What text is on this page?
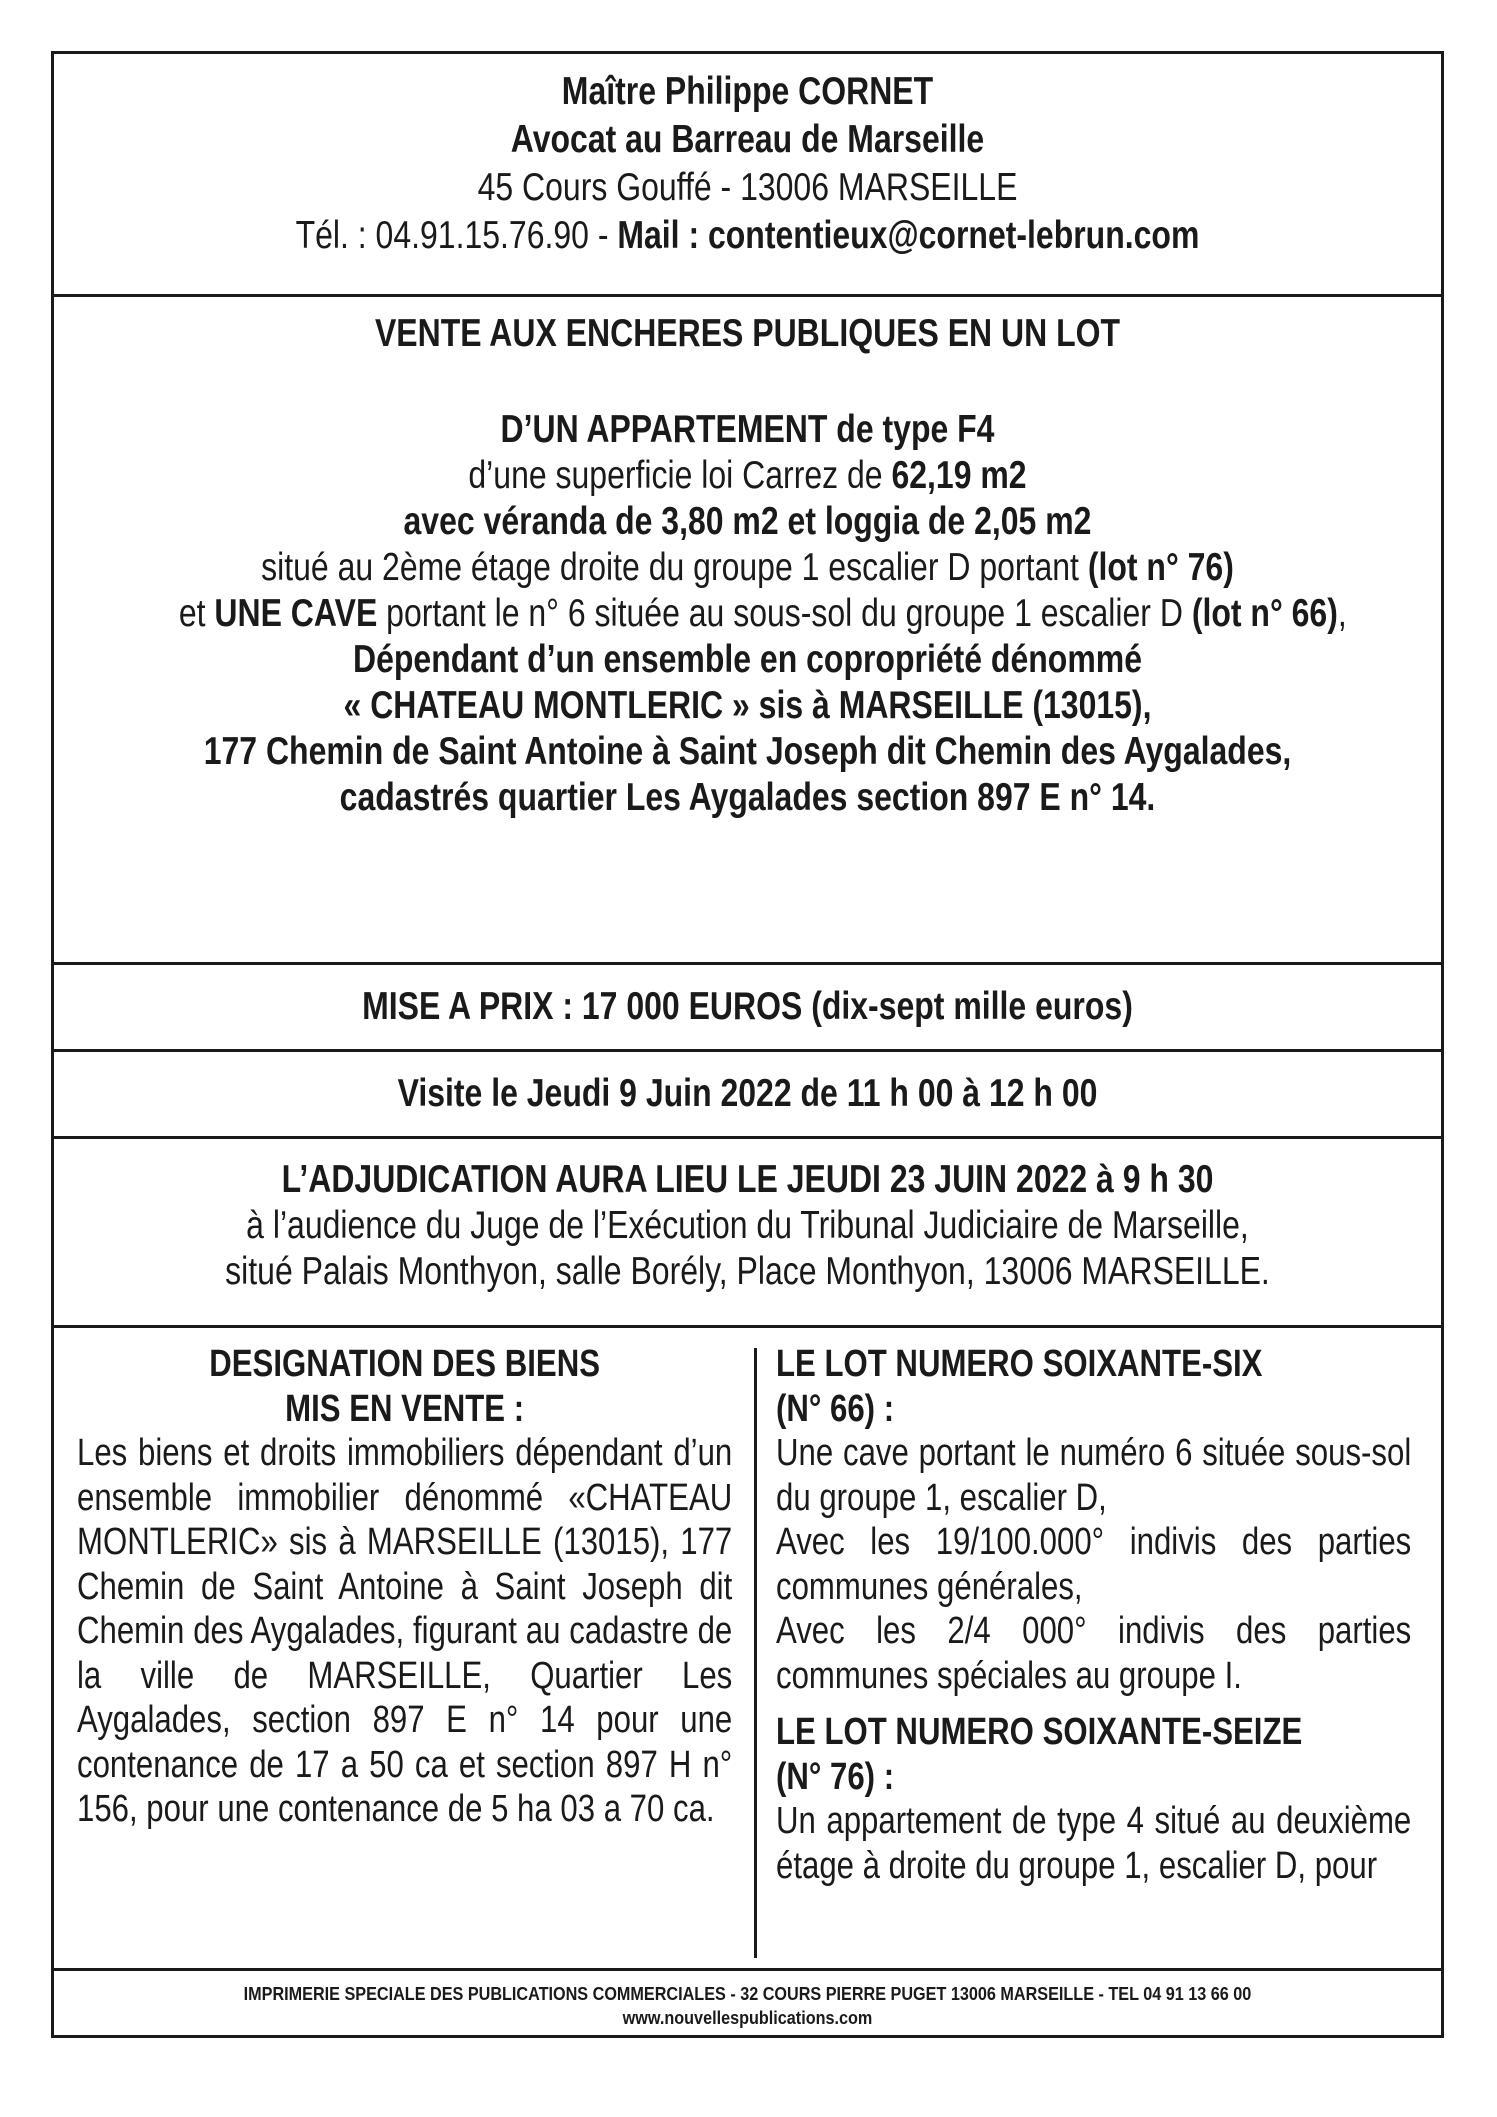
Maître Philippe CORNET
Avocat au Barreau de Marseille
45 Cours Gouffé - 13006 MARSEILLE
Tél. : 04.91.15.76.90 - Mail : contentieux@cornet-lebrun.com
VENTE AUX ENCHERES PUBLIQUES EN UN LOT
D’UN APPARTEMENT de type F4
d’une superficie loi Carrez de 62,19 m2
avec véranda de 3,80 m2 et loggia de 2,05 m2
situé au 2ème étage droite du groupe 1 escalier D portant (lot n° 76)
et UNE CAVE portant le n° 6 située au sous-sol du groupe 1 escalier D (lot n° 66),
Dépendant d’un ensemble en copropriété dénommé
« CHATEAU MONTLERIC » sis à MARSEILLE (13015),
177 Chemin de Saint Antoine à Saint Joseph dit Chemin des Aygalades,
cadastrés quartier Les Aygalades section 897 E n° 14.
MISE A PRIX : 17 000 EUROS (dix-sept mille euros)
Visite le Jeudi 9 Juin 2022 de 11 h 00 à 12 h 00
L’ADJUDICATION AURA LIEU LE JEUDI 23 JUIN 2022 à 9 h 30
à l’audience du Juge de l’Exécution du Tribunal Judiciaire de Marseille,
situé Palais Monthyon, salle Borély, Place Monthyon, 13006 MARSEILLE.
DESIGNATION DES BIENS
MIS EN VENTE :
Les biens et droits immobiliers dépendant d’un ensemble immobilier dénommé «CHATEAU MONTLERIC» sis à MARSEILLE (13015), 177 Chemin de Saint Antoine à Saint Joseph dit Chemin des Aygalades, figurant au cadastre de la ville de MARSEILLE, Quartier Les Aygalades, section 897 E n° 14 pour une contenance de 17 a 50 ca et section 897 H n° 156, pour une contenance de 5 ha 03 a 70 ca.
LE LOT NUMERO SOIXANTE-SIX
(N° 66) :
Une cave portant le numéro 6 située sous-sol du groupe 1, escalier D,
Avec les 19/100.000° indivis des parties communes générales,
Avec les 2/4 000° indivis des parties communes spéciales au groupe I.
LE LOT NUMERO SOIXANTE-SEIZE
(N° 76) :
Un appartement de type 4 situé au deuxième étage à droite du groupe 1, escalier D, pour
IMPRIMERIE SPECIALE DES PUBLICATIONS COMMERCIALES - 32 COURS PIERRE PUGET 13006 MARSEILLE - TEL 04 91 13 66 00
www.nouvellespublications.com
